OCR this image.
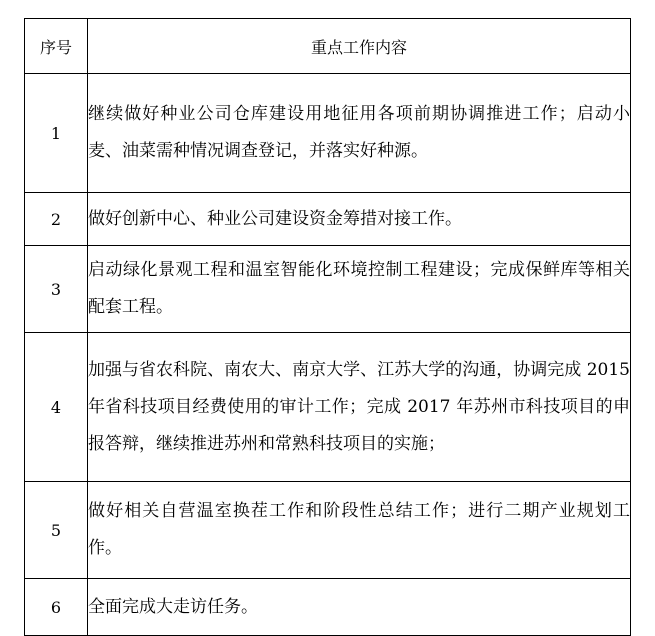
序号	重点工作内容
1	继续做好种业公司仓库建设用地征用各项前期协调推进工作；启动小麦、油菜需种情况调查登记，并落实好种源。
2	做好创新中心、种业公司建设资金筹措对接工作。
3	启动绿化景观工程和温室智能化环境控制工程建设；完成保鲜库等相关配套工程。
4	加强与省农科院、南农大、南京大学、江苏大学的沟通，协调完成 2015 年省科技项目经费使用的审计工作；完成 2017 年苏州市科技项目的申报答辩，继续推进苏州和常熟科技项目的实施；
5	做好相关自营温室换茬工作和阶段性总结工作；进行二期产业规划工作。
6	全面完成大走访任务。
